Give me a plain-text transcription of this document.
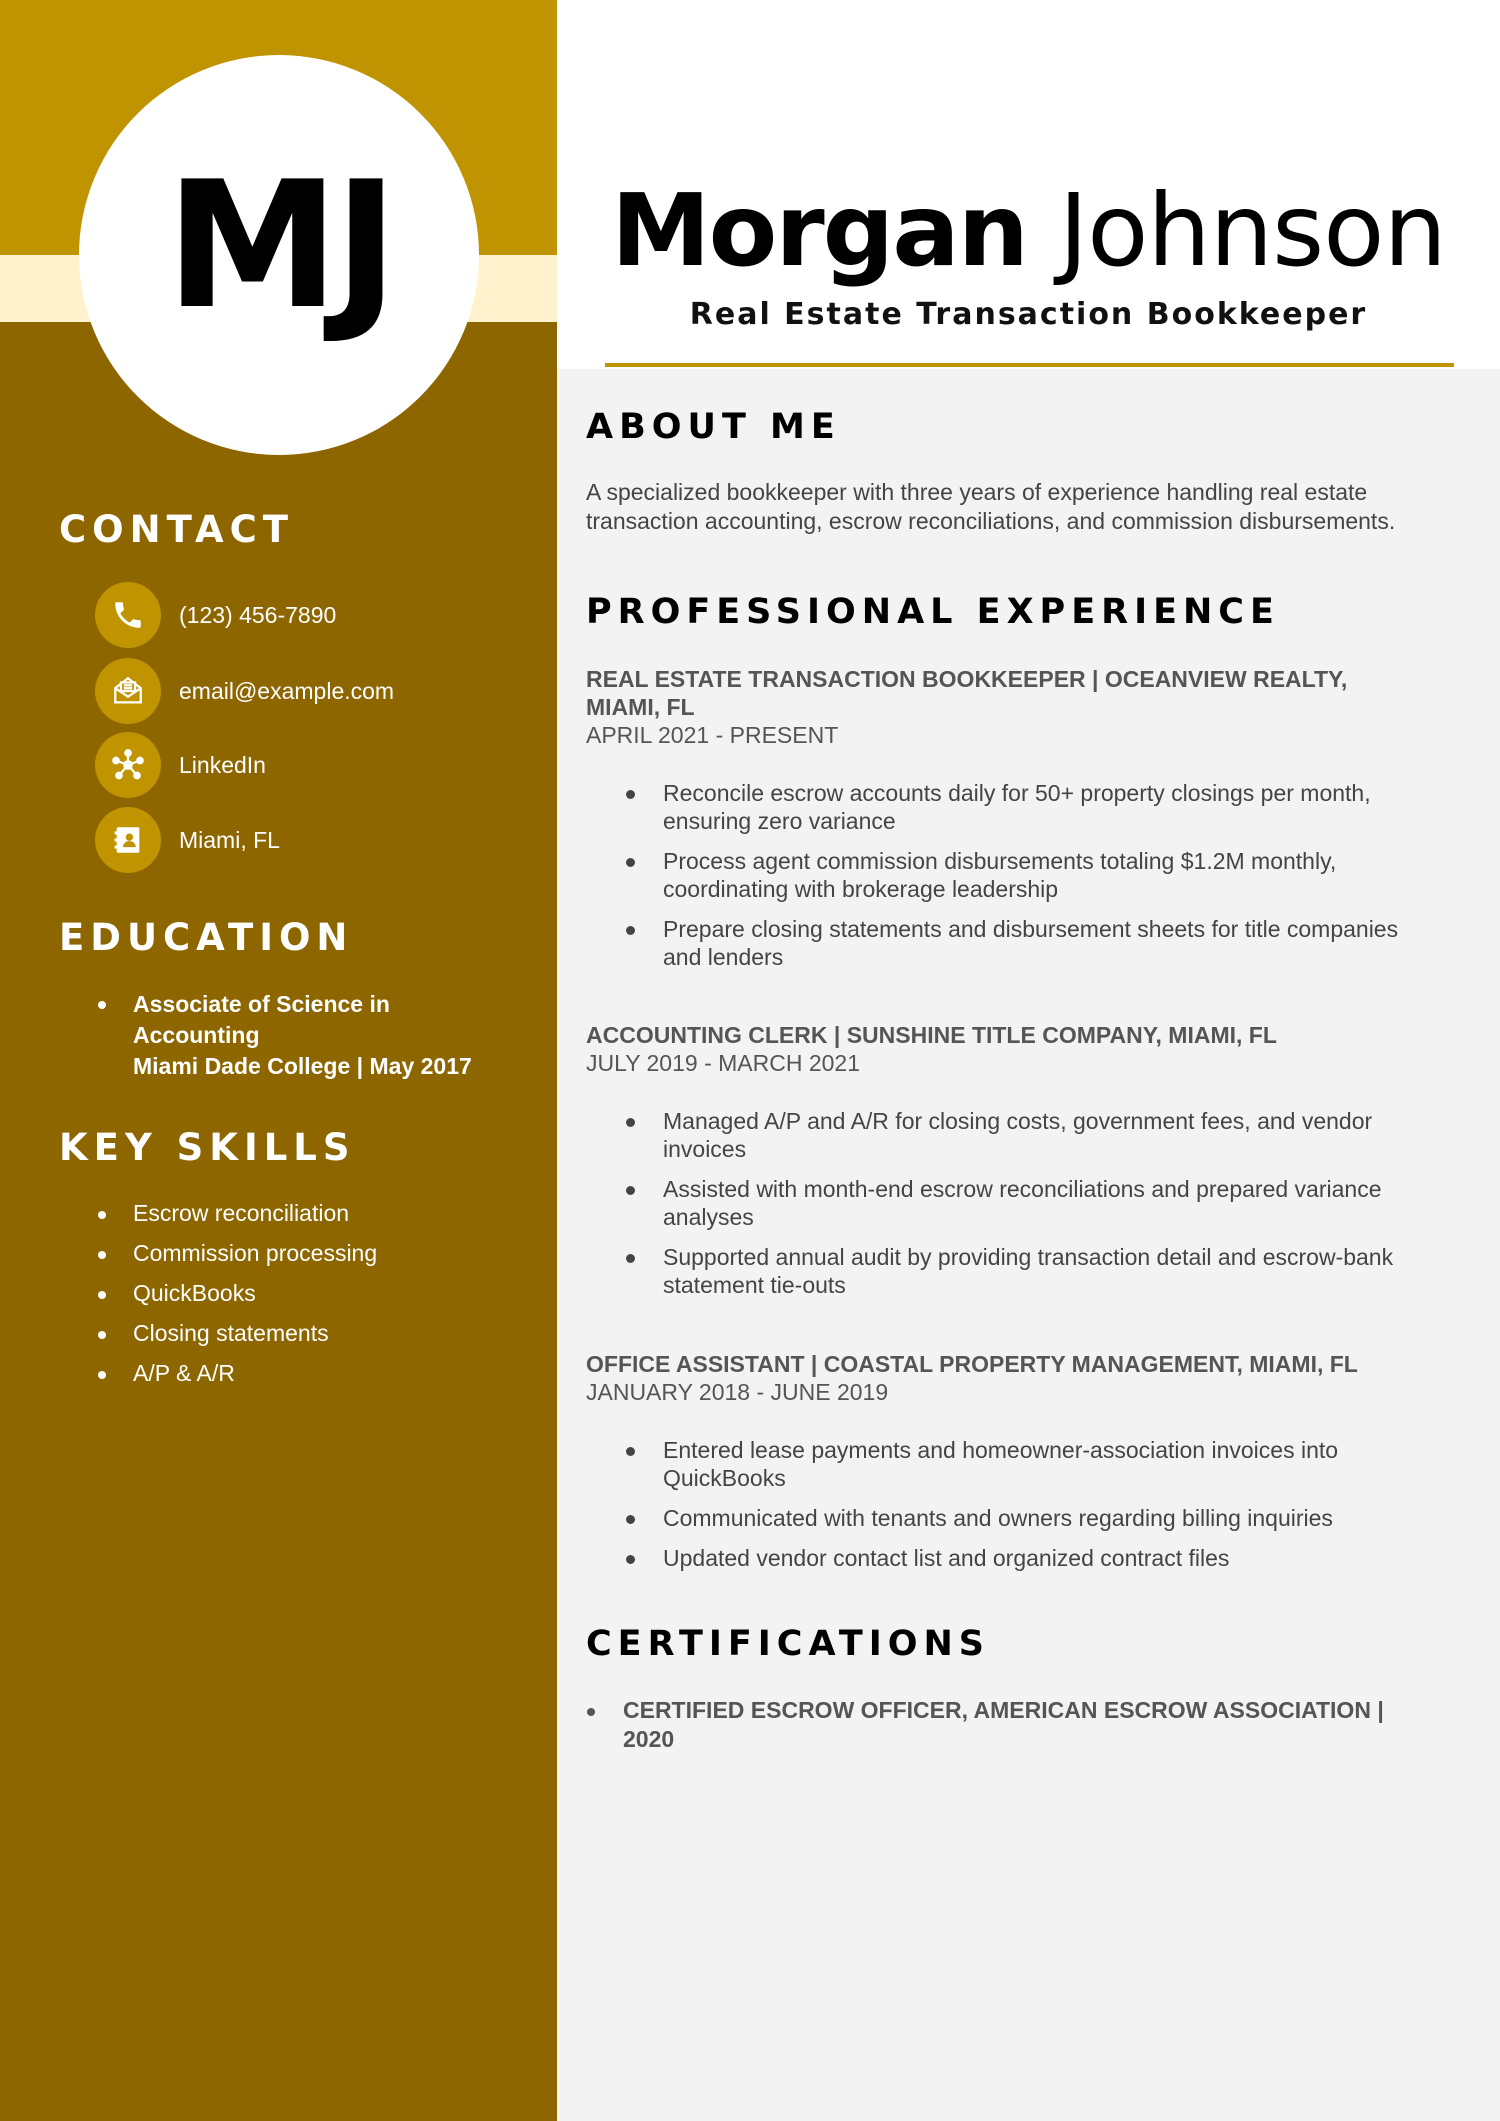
MJ
CONTACT
(123) 456-7890
email@example.com
LinkedIn
Miami, FL
EDUCATION
Associate of Science in Accounting
Miami Dade College | May 2017
KEY SKILLS
Escrow reconciliation
Commission processing
QuickBooks
Closing statements
A/P & A/R
Morgan Johnson
Real Estate Transaction Bookkeeper
ABOUT ME
A specialized bookkeeper with three years of experience handling real estate transaction accounting, escrow reconciliations, and commission disbursements.
PROFESSIONAL EXPERIENCE
REAL ESTATE TRANSACTION BOOKKEEPER | OCEANVIEW REALTY, MIAMI, FL
APRIL 2021 - PRESENT
Reconcile escrow accounts daily for 50+ property closings per month, ensuring zero variance
Process agent commission disbursements totaling $1.2M monthly, coordinating with brokerage leadership
Prepare closing statements and disbursement sheets for title companies and lenders
ACCOUNTING CLERK | SUNSHINE TITLE COMPANY, MIAMI, FL
JULY 2019 - MARCH 2021
Managed A/P and A/R for closing costs, government fees, and vendor invoices
Assisted with month-end escrow reconciliations and prepared variance analyses
Supported annual audit by providing transaction detail and escrow-bank statement tie-outs
OFFICE ASSISTANT | COASTAL PROPERTY MANAGEMENT, MIAMI, FL
JANUARY 2018 - JUNE 2019
Entered lease payments and homeowner-association invoices into QuickBooks
Communicated with tenants and owners regarding billing inquiries
Updated vendor contact list and organized contract files
CERTIFICATIONS
CERTIFIED ESCROW OFFICER, AMERICAN ESCROW ASSOCIATION | 2020
